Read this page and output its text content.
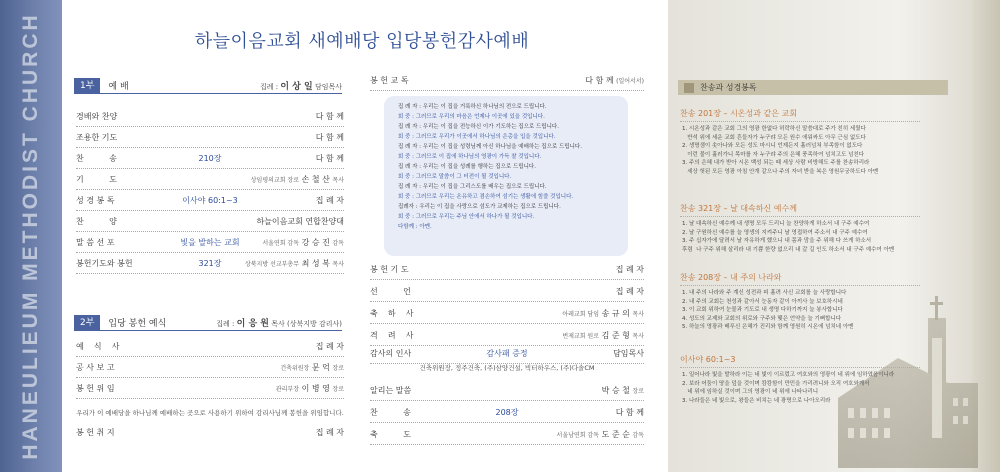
HANEULIEUM METHODIST CHURCH	하늘이음교회 새예배당 입당봉헌감사예배
1부	예 배	집례 : 이 상 일 담임목사
경배와 찬양	다 함 께
조용한 기도	다 함 께
찬          송	210장	다 함 께
기          도	상임평의교회 장로 손 철 산 목사
성 경 봉 독	이사야 60:1~3	집 례 자
찬          양	하늘이음교회 연합찬양대
말 씀 선 포	빛을 발하는 교회	서울연회 감독 강 승 진 감독
봉헌기도와 봉헌	321장	상북지방 선교부총무 최 성 복 목사
2부	입당 봉헌 예식	집례 : 이 응 원 목사 (상북지방 감리사)
예    식    사	집 례 자
공 사 보 고	건축위원장 문 억 장로
봉 헌 위 임	관리부장 이 병 영 장로
우리가 이 예배당을 하나님께 예배하는 곳으로 사용하기 위하여 감리사님께 봉헌을 위임합니다.
봉 헌 취 지	집 례 자
봉 헌 교 독	다 함 께 (일어서서)
집 례 자 : 우리는 이 집을 거룩하신 하나님의 전으로 드립니다.
회 중 : 그러므로 우리의 마음은 언제나 이곳에 있을 것입니다.
집 례 자 : 우리는 이 집을 전능하신 이가 기도하는 집으로 드립니다.
회 중 : 그러므로 우리가 이곳에서 하나님의 은총을 입을 것입니다.
집 례 자 : 우리는 이 집을 성령님께 아신 하나님을 예배하는 집으로 드립니다.
회 중 : 그러므로 이 집에 하나님의 영광이 가득 찰 것입니다.
집 례 자 : 우리는 이 집을 성례를 행하는 집으로 드립니다.
회 중 : 그러므로 말씀이 그 터전이 될 것입니다.
집 례 자 : 우리는 이 집을 그리스도를 배우는 집으로 드립니다.
회 중 : 그러므로 우리는 온유하고 겸손하여 섬기는 생활에 힘쓸 것입니다.
집례자 : 우리는 이 집을 사랑으로 섬도가 교제하는 집으로 드립니다.
회 중 : 그러므로 우리는 주님 안에서 하나가 될 것입니다.
다함께 : 아멘.
봉 헌 기 도	집 례 자
선          언	집 례 자
축    하    사	아레교회 담임 송 규 의 목사
격    려    사	번제교회 원로 김 준 형 목사
감사의 인사	감사패 증정	담임목사
건축위원장, 정주건축, (주)삼양건설, 빅터하우스, (주)다솔CM
알리는 말씀	박 승 철 장로
찬          송	208장	다 함 께
축          도	서울남연회 감독 도 준 순 감독
찬송과 성경봉독
찬송 201장 – 시온성과 같은 교회
1. 시온성과 같은 교회 그의 영광 한없다 허락하신 말씀대로 주가 친히 세웠다
반석 위에 세운 교회 흔들자가 누구랴 모든 원수 에워싸도 아무 근심 없도다
2. 생명샘이 솟아나와 모든 성도 마시니 언제든지 흘러넘쳐 부족함이 없도다
이런 물이 흘러가니 목마를 자 누구랴 주의 은혜 풍족하여 넘치고도 넘친다
3. 주의 은혜 내가 받아 시온 백성 되는 때 세상 사람 비방해도 주를 찬송하리라
세상 헛된 모든 영광 아침 안개 같으나 주의 자녀 받을 복은 영원무궁하도다 아멘
찬송 321장 – 날 대속하신 예수께
1. 날 대속하신 예수께 내 생명 모두 드리니 늘 찬양하게 하소서 내 구주 예수여
2. 날 구원하신 예수를 늘 영생의 지켜주니 날 영접하여 주소서 내 구주 예수여
3. 주 십자가에 달려서 날 자유하게 했으니 내 몸과 맘을 주 위해 다 쓰게 하소서
후렴  나 구주 위해 살리라 내 기쁨 한량 없으리 내 갈 길 인도 하소서 내 구주 예수여 아멘
찬송 208장 – 내 주의 나라와
1. 내 주의 나라와 주 계신 성전과 피 흘려 사신 교회를 늘 사랑합니다
2. 내 주의 교회는 천성과 같아서 눈동자 같이 아끼사 늘 보호하시네
3. 이 교회 위하여 눈물과 기도로 내 생명 다하기까지 늘 봉사합니다
4. 성도의 교제와 교회의 위로와 구주와 맺은 언약을 늘 기뻐합니다
5. 하늘의 영광과 베푸신 은혜가 진리와 함께 영원히 시온에 넘치네 아멘
이사야 60:1~3
1. 일어나라 빛을 발하라 이는 네 빛이 이르렀고 여호와의 영광이 네 위에 임하였음이니라
2. 보라 어둠이 땅을 덮을 것이며 캄캄함이 만민을 가리려니와 오직 여호와께서
네 위에 임하실 것이며 그의 영광이 네 위에 나타나리니
3. 나라들은 네 빛으로, 왕들은 비치는 네 광명으로 나아오리라
